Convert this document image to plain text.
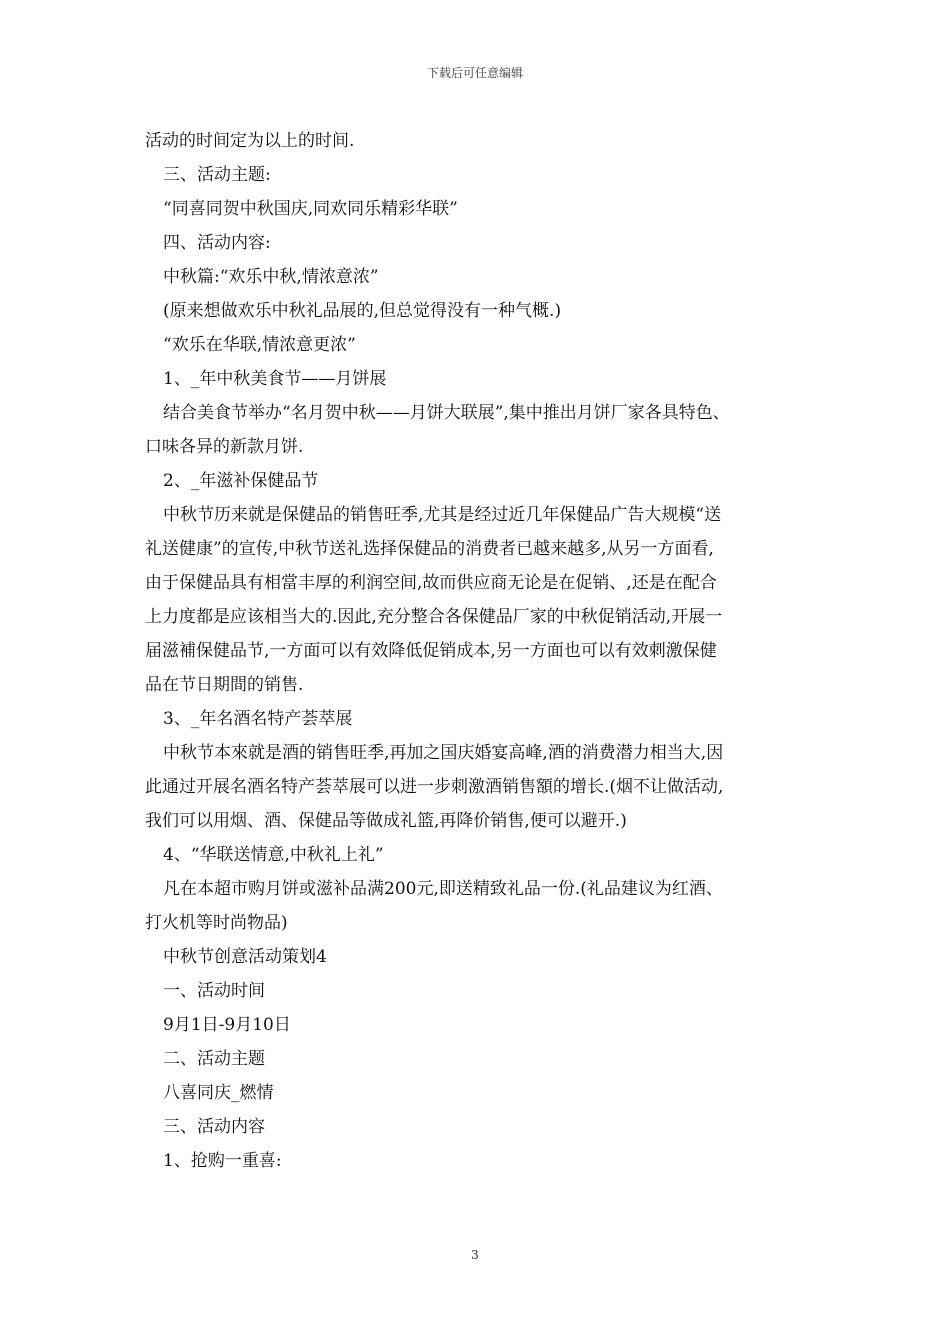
下载后可任意编辑
活动的时间定为以上的时间.
三、活动主题:
“同喜同贺中秋国庆,同欢同乐精彩华联”
四、活动内容:
中秋篇:“欢乐中秋,情浓意浓”
(原来想做欢乐中秋礼品展的,但总觉得没有一种气概.)
“欢乐在华联,情浓意更浓”
1、_年中秋美食节——月饼展
结合美食节举办“名月贺中秋——月饼大联展”,集中推出月饼厂家各具特色、
口味各异的新款月饼.
2、_年滋补保健品节
中秋节历来就是保健品的销售旺季,尤其是经过近几年保健品广告大规模“送
礼送健康”的宣传,中秋节送礼选择保健品的消费者已越来越多,从另一方面看,
由于保健品具有相當丰厚的利润空间,故而供应商无论是在促销、,还是在配合
上力度都是应该相当大的.因此,充分整合各保健品厂家的中秋促销活动,开展一
届滋補保健品节,一方面可以有效降低促销成本,另一方面也可以有效刺激保健
品在节日期間的销售.
3、_年名酒名特产荟萃展
中秋节本來就是酒的销售旺季,再加之国庆婚宴高峰,酒的消费潜力相当大,因
此通过开展名酒名特产荟萃展可以进一步刺激酒销售額的增长.(烟不让做活动,
我们可以用烟、酒、保健品等做成礼篮,再降价销售,便可以避开.)
4、“华联送情意,中秋礼上礼”
凡在本超市购月饼或滋补品满200元,即送精致礼品一份.(礼品建议为红酒、
打火机等时尚物品)
中秋节创意活动策划4
一、活动时间
9月1日-9月10日
二、活动主题
八喜同庆_燃情
三、活动内容
1、抢购一重喜:
3
